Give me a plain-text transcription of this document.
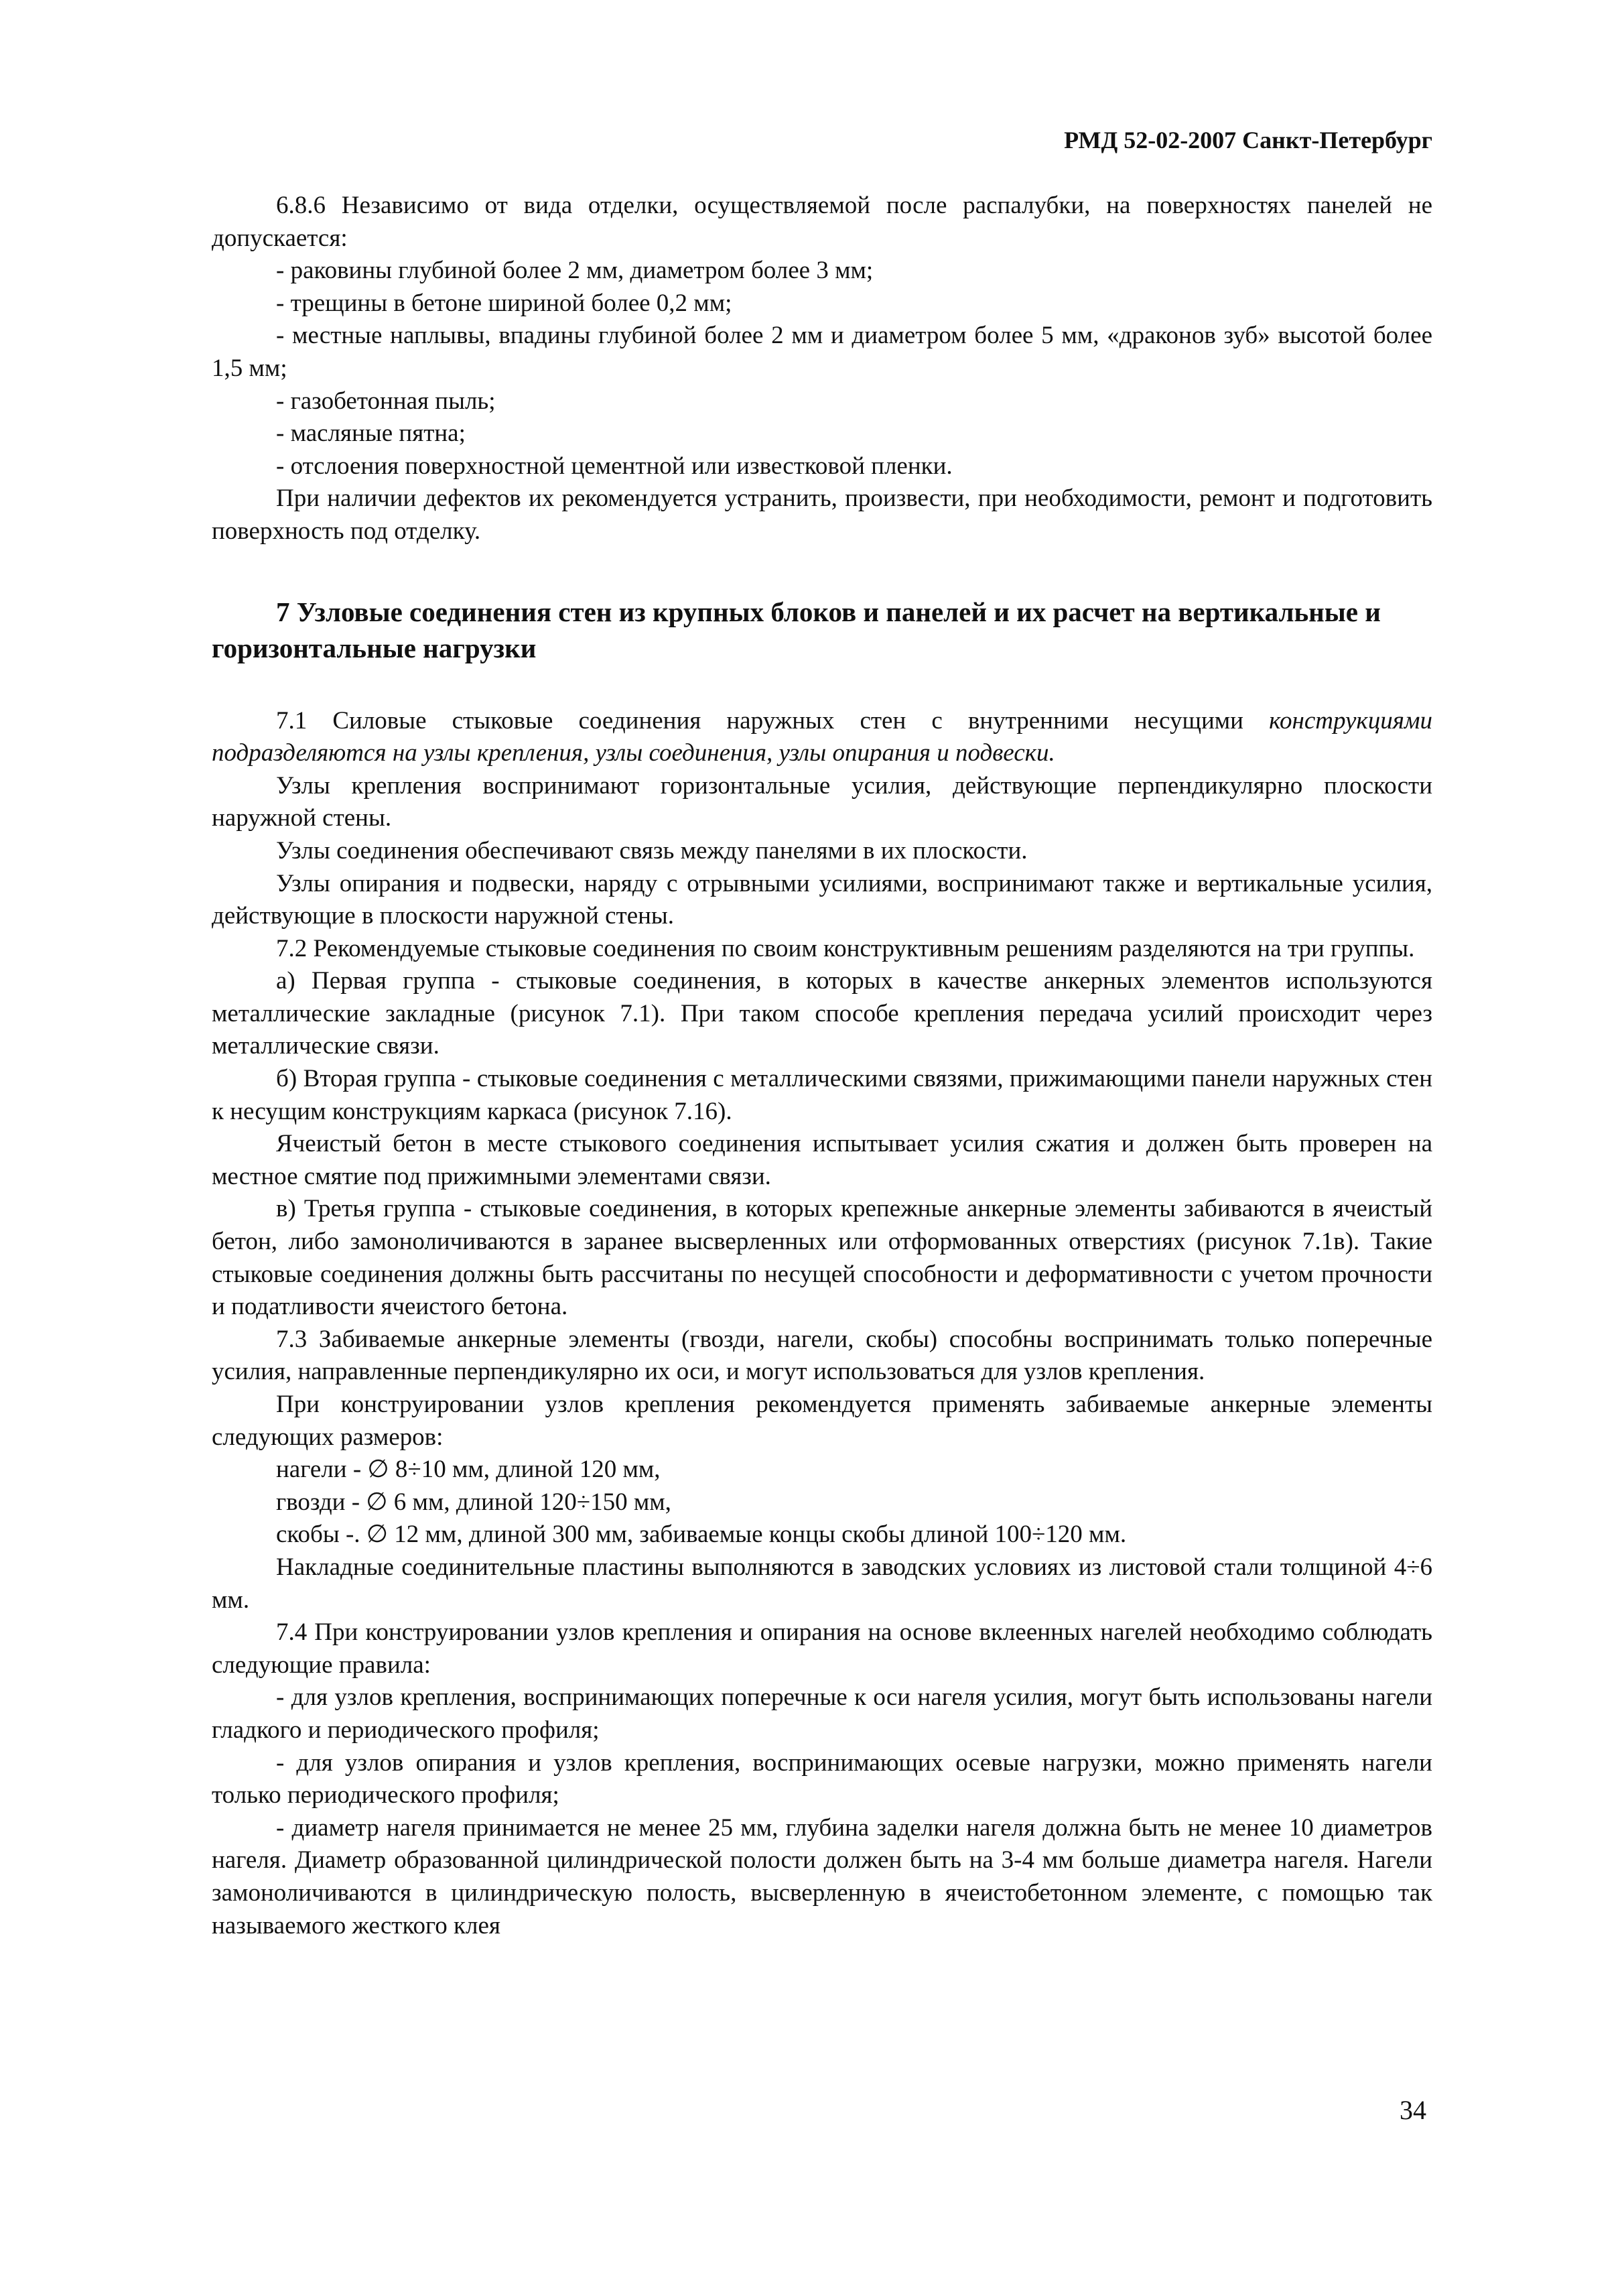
РМД 52-02-2007 Санкт-Петербург

6.8.6 Независимо от вида отделки, осуществляемой после распалубки, на поверхностях панелей не допускается:

- раковины глубиной более 2 мм, диаметром более 3 мм;

- трещины в бетоне шириной более 0,2 мм;

- местные наплывы, впадины глубиной более 2 мм и диаметром более 5 мм, «драконов зуб» высотой более 1,5 мм;

- газобетонная пыль;

- масляные пятна;

- отслоения поверхностной цементной или известковой пленки.

При наличии дефектов их рекомендуется устранить, произвести, при необходимости, ремонт и подготовить поверхность под отделку.

7 Узловые соединения стен из крупных блоков и панелей и их расчет на вертикальные и горизонтальные нагрузки

7.1 Силовые стыковые соединения наружных стен с внутренними несущими конструкциями подразделяются на узлы крепления, узлы соединения, узлы опирания и подвески.

Узлы крепления воспринимают горизонтальные усилия, действующие перпендикулярно плоскости наружной стены.

Узлы соединения обеспечивают связь между панелями в их плоскости.

Узлы опирания и подвески, наряду с отрывными усилиями, воспринимают также и вертикальные усилия, действующие в плоскости наружной стены.

7.2 Рекомендуемые стыковые соединения по своим конструктивным решениям разделяются на три группы.

а) Первая группа - стыковые соединения, в которых в качестве анкерных элементов используются металлические закладные (рисунок 7.1). При таком способе крепления передача усилий происходит через металлические связи.

б) Вторая группа - стыковые соединения с металлическими связями, прижимающими панели наружных стен к несущим конструкциям каркаса (рисунок 7.16).

Ячеистый бетон в месте стыкового соединения испытывает усилия сжатия и должен быть проверен на местное смятие под прижимными элементами связи.

в) Третья группа - стыковые соединения, в которых крепежные анкерные элементы забиваются в ячеистый бетон, либо замоноличиваются в заранее высверленных или отформованных отверстиях (рисунок 7.1в). Такие стыковые соединения должны быть рассчитаны по несущей способности и деформативности с учетом прочности и податливости ячеистого бетона.

7.3 Забиваемые анкерные элементы (гвозди, нагели, скобы) способны воспринимать только поперечные усилия, направленные перпендикулярно их оси, и могут использоваться для узлов крепления.

При конструировании узлов крепления рекомендуется применять забиваемые анкерные элементы следующих размеров:

нагели - ∅ 8÷10 мм, длиной 120 мм,

гвозди - ∅ 6 мм, длиной 120÷150 мм,

скобы -. ∅ 12 мм, длиной 300 мм, забиваемые концы скобы длиной 100÷120 мм.

Накладные соединительные пластины выполняются в заводских условиях из листовой стали толщиной 4÷6 мм.

7.4 При конструировании узлов крепления и опирания на основе вклеенных нагелей необходимо соблюдать следующие правила:

- для узлов крепления, воспринимающих поперечные к оси нагеля усилия, могут быть использованы нагели гладкого и периодического профиля;

- для узлов опирания и узлов крепления, воспринимающих осевые нагрузки, можно применять нагели только периодического профиля;

- диаметр нагеля принимается не менее 25 мм, глубина заделки нагеля должна быть не менее 10 диаметров нагеля. Диаметр образованной цилиндрической полости должен быть на 3-4 мм больше диаметра нагеля. Нагели замоноличиваются в цилиндрическую полость, высверленную в ячеистобетонном элементе, с помощью так называемого жесткого клея

34
